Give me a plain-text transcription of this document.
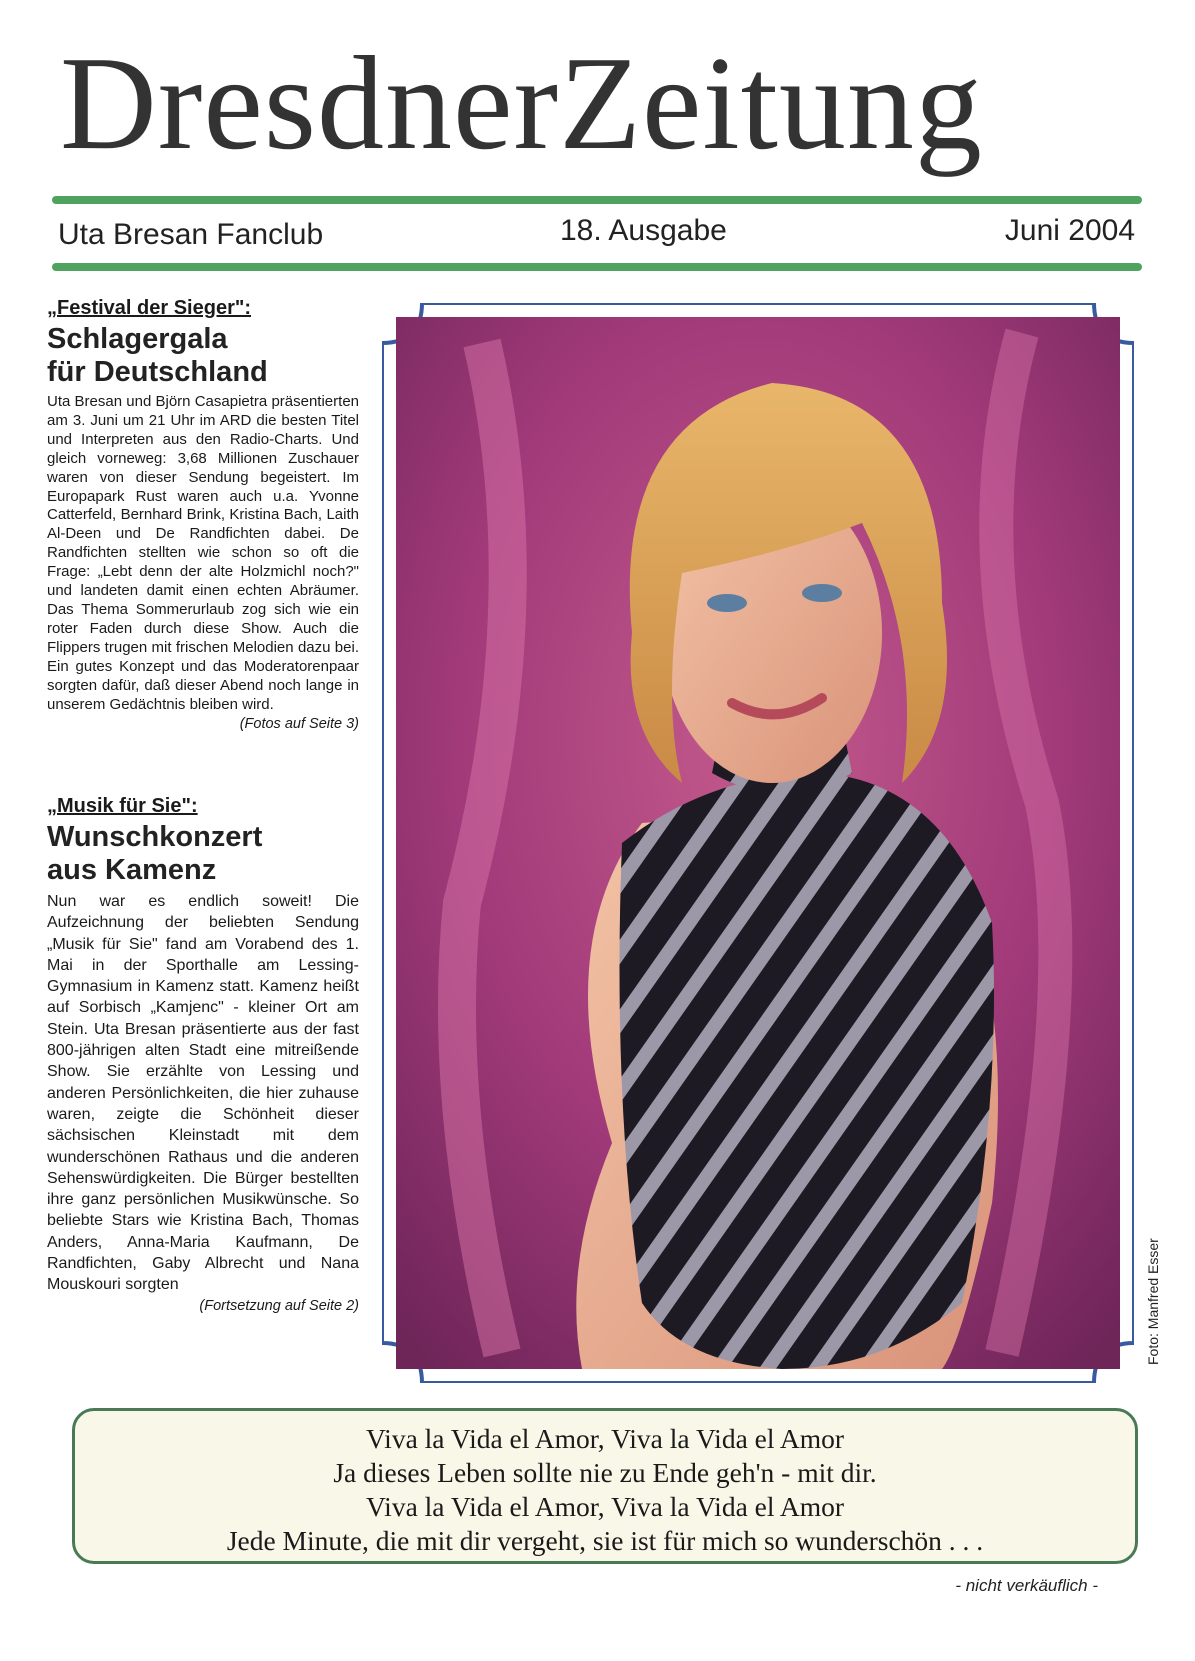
DresdnerZeitung
Uta Bresan Fanclub	18. Ausgabe	Juni 2004

„Festival der Sieger":

Schlagergala
für Deutschland

Uta Bresan und Björn Casapietra präsentierten am 3. Juni um 21 Uhr im ARD die besten Titel und Interpreten aus den Radio-Charts. Und gleich vorneweg: 3,68 Millionen Zuschauer waren von dieser Sendung begeistert. Im Europapark Rust waren auch u.a. Yvonne Catterfeld, Bernhard Brink, Kristina Bach, Laith Al-Deen und De Randfichten dabei. De Randfichten stellten wie schon so oft die Frage: „Lebt denn der alte Holzmichl noch?" und landeten damit einen echten Abräumer. Das Thema Sommerurlaub zog sich wie ein roter Faden durch diese Show. Auch die Flippers trugen mit frischen Melodien dazu bei. Ein gutes Konzept und das Moderatorenpaar sorgten dafür, daß dieser Abend noch lange in unserem Gedächtnis bleiben wird.

(Fotos auf Seite 3)

„Musik für Sie":

Wunschkonzert
aus Kamenz

Nun war es endlich soweit! Die Aufzeichnung der beliebten Sendung „Musik für Sie" fand am Vorabend des 1. Mai in der Sporthalle am Lessing-Gymnasium in Kamenz statt. Kamenz heißt auf Sorbisch „Kamjenc" - kleiner Ort am Stein. Uta Bresan präsentierte aus der fast 800-jährigen alten Stadt eine mitreißende Show. Sie erzählte von Lessing und anderen Persönlichkeiten, die hier zuhause waren, zeigte die Schönheit dieser sächsischen Kleinstadt mit dem wunderschönen Rathaus und die anderen Sehenswürdigkeiten. Die Bürger bestellten ihre ganz persönlichen Musikwünsche. So beliebte Stars wie Kristina Bach, Thomas Anders, Anna-Maria Kaufmann, De Randfichten, Gaby Albrecht und Nana Mouskouri sorgten

(Fortsetzung auf Seite 2)	Foto: Manfred Esser
Viva la Vida el Amor, Viva la Vida el Amor
Ja dieses Leben sollte nie zu Ende geh'n - mit dir.
Viva la Vida el Amor, Viva la Vida el Amor
Jede Minute, die mit dir vergeht, sie ist für mich so wunderschön . . .
- nicht verkäuflich -
